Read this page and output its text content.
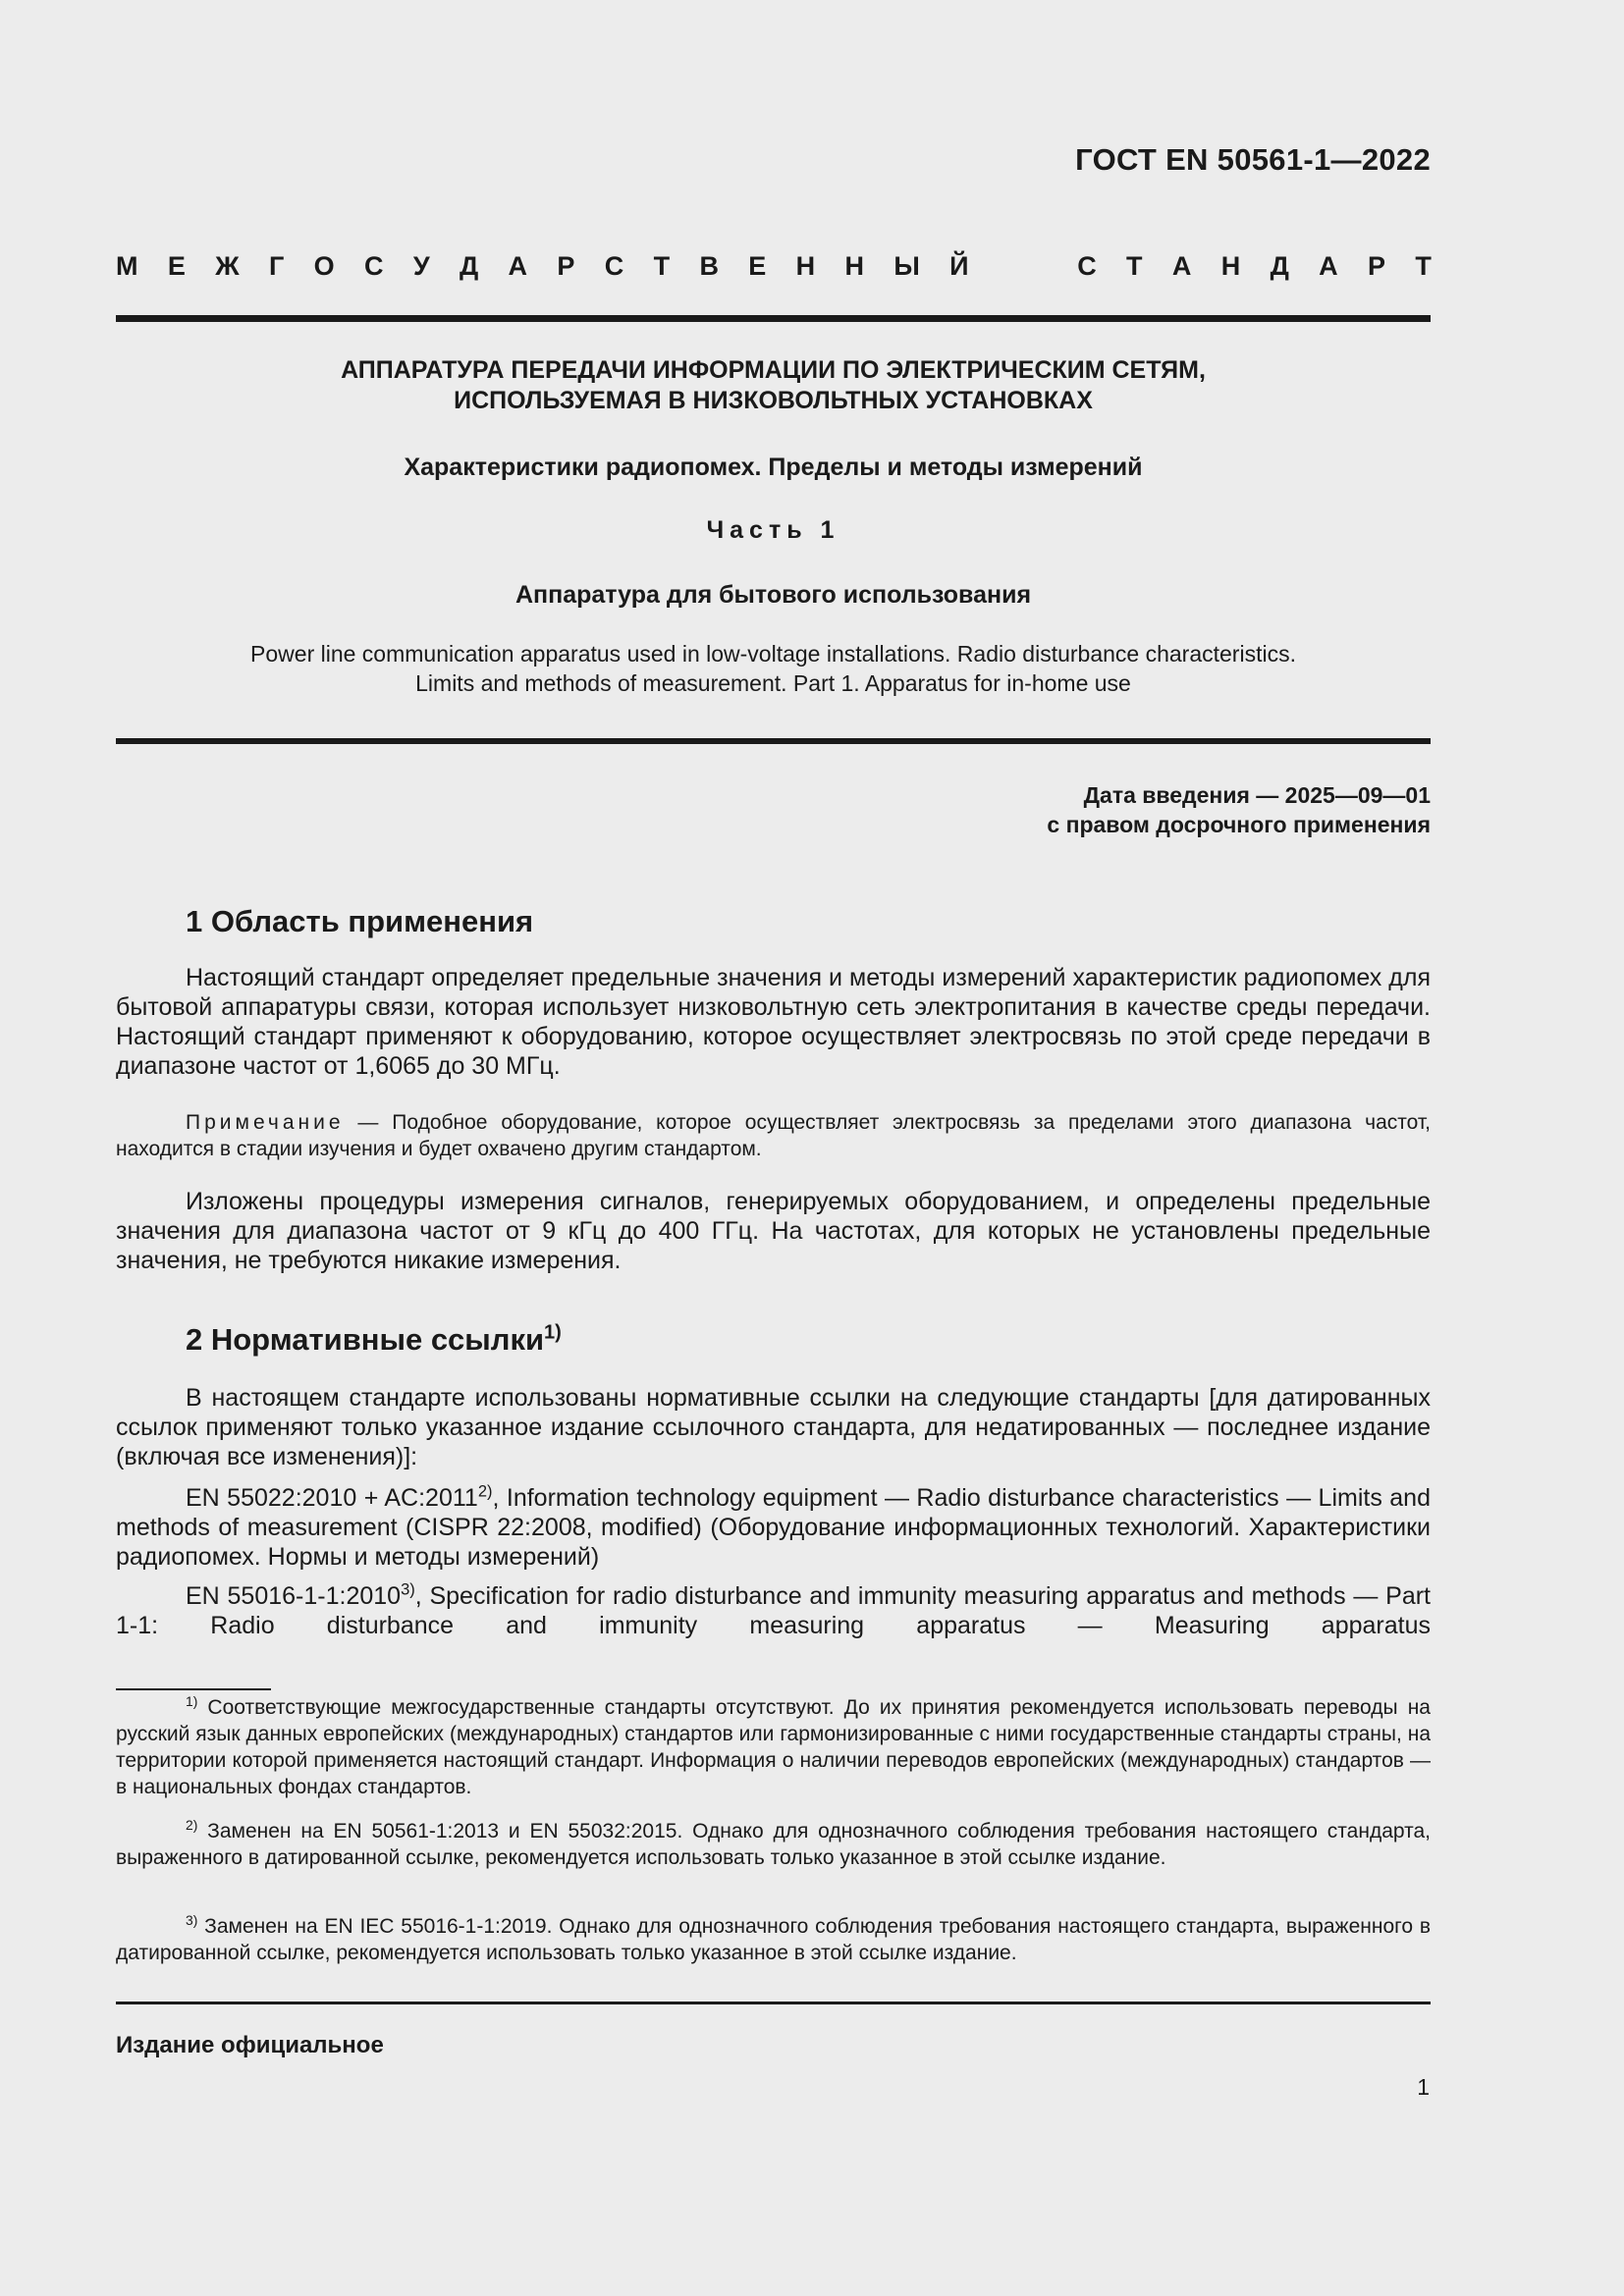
ГОСТ EN 50561-1—2022
М Е Ж Г О С У Д А Р С Т В Е Н Н Ы Й	С Т А Н Д А Р Т
АППАРАТУРА ПЕРЕДАЧИ ИНФОРМАЦИИ ПО ЭЛЕКТРИЧЕСКИМ СЕТЯМ,
ИСПОЛЬЗУЕМАЯ В НИЗКОВОЛЬТНЫХ УСТАНОВКАХ
Характеристики радиопомех. Пределы и методы измерений
Часть 1
Аппаратура для бытового использования
Power line communication apparatus used in low-voltage installations. Radio disturbance characteristics.
Limits and methods of measurement. Part 1. Apparatus for in-home use
Дата введения — 2025—09—01
с правом досрочного применения
1 Область применения

Настоящий стандарт определяет предельные значения и методы измерений характеристик радиопомех для бытовой аппаратуры связи, которая использует низковольтную сеть электропитания в качестве среды передачи. Настоящий стандарт применяют к оборудованию, которое осуществляет электросвязь по этой среде передачи в диапазоне частот от 1,6065 до 30 МГц.

Примечание — Подобное оборудование, которое осуществляет электросвязь за пределами этого диапазона частот, находится в стадии изучения и будет охвачено другим стандартом.

Изложены процедуры измерения сигналов, генерируемых оборудованием, и определены предельные значения для диапазона частот от 9 кГц до 400 ГГц. На частотах, для которых не установлены предельные значения, не требуются никакие измерения.

2 Нормативные ссылки$^{1)}$

В настоящем стандарте использованы нормативные ссылки на следующие стандарты [для датированных ссылок применяют только указанное издание ссылочного стандарта, для недатированных — последнее издание (включая все изменения)]:

EN 55022:2010 + $AC:2011^{2)}$, Information technology equipment — Radio disturbance characteristics — Limits and methods of measurement (CISPR 22:2008, modified) (Оборудование информационных технологий. Характеристики радиопомех. Нормы и методы измерений)

EN 55016-1-1:2010$^{3)}$, Specification for radio disturbance and immunity measuring apparatus and methods — Part 1-1: Radio disturbance and immunity measuring apparatus — Measuring apparatus

$^{1)}$ Соответствующие межгосударственные стандарты отсутствуют. До их принятия рекомендуется использовать переводы на русский язык данных европейских (международных) стандартов или гармонизированные с ними государственные стандарты страны, на территории которой применяется настоящий стандарт. Информация о наличии переводов европейских (международных) стандартов — в национальных фондах стандартов.

$^{2)}$ Заменен на EN 50561-1:2013 и EN 55032:2015. Однако для однозначного соблюдения требования настоящего стандарта, выраженного в датированной ссылке, рекомендуется использовать только указанное в этой ссылке издание.

$^{3)}$ Заменен на EN IEC 55016-1-1:2019. Однако для однозначного соблюдения требования настоящего стандарта, выраженного в датированной ссылке, рекомендуется использовать только указанное в этой ссылке издание.

Издание официальное
1
